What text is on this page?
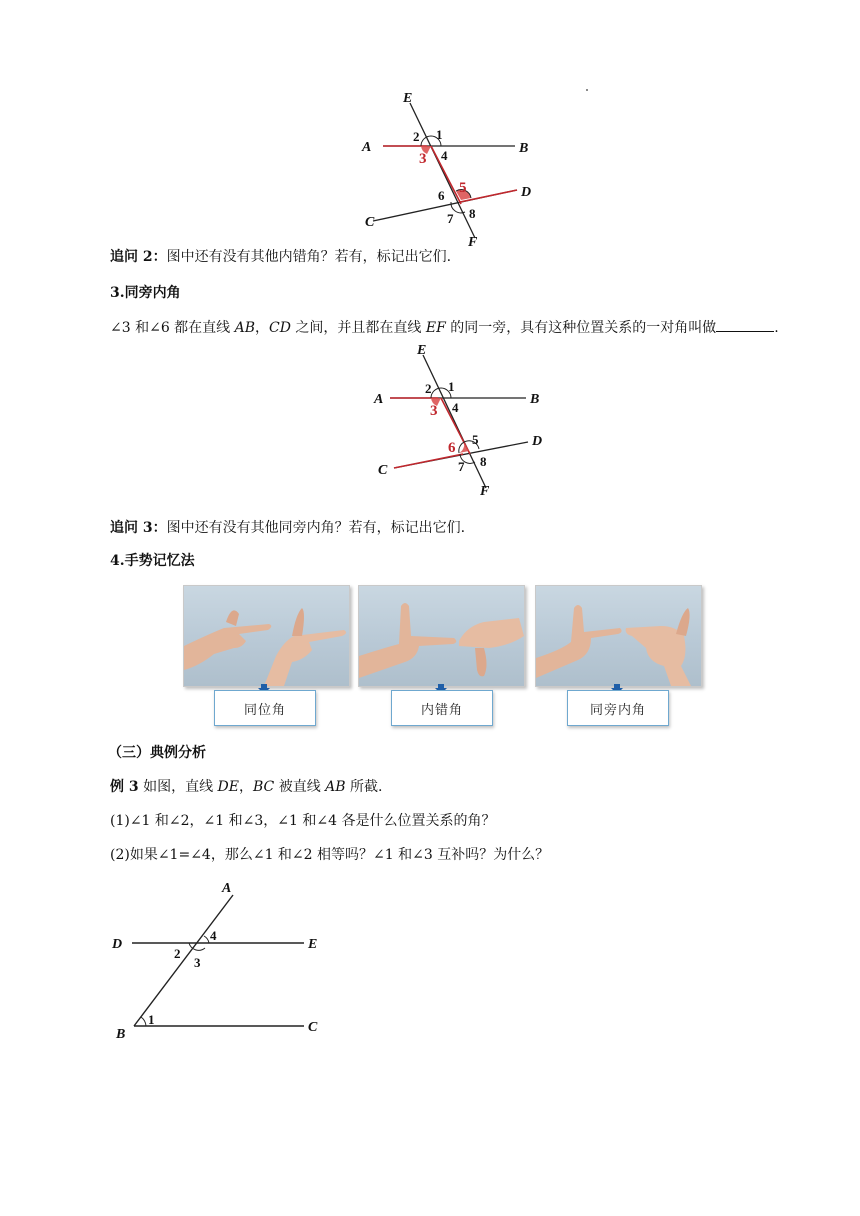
E
A	B
C
D
F
1
2
3 4
5
6
7 8
追问 2：图中还有没有其他内错角？若有，标记出它们.
3.同旁内角
∠3 和∠6 都在直线 AB，CD 之间，并且都在直线 EF 的同一旁，具有这种位置关系的一对角叫做	.
E
A	B
C
D
F
1
2
3 4
5
6
7 8
追问 3：图中还有没有其他同旁内角？若有，标记出它们.
4.手势记忆法
同位角	内错角	同旁内角
（三）典例分析
例 3 如图，直线 DE，BC 被直线 AB 所截.
(1)∠1 和∠2，∠1 和∠3，∠1 和∠4 各是什么位置关系的角？
(2)如果∠1=∠4，那么∠1 和∠2 相等吗？∠1 和∠3 互补吗？为什么？
A
D	E
B	C
1
2
3
4
